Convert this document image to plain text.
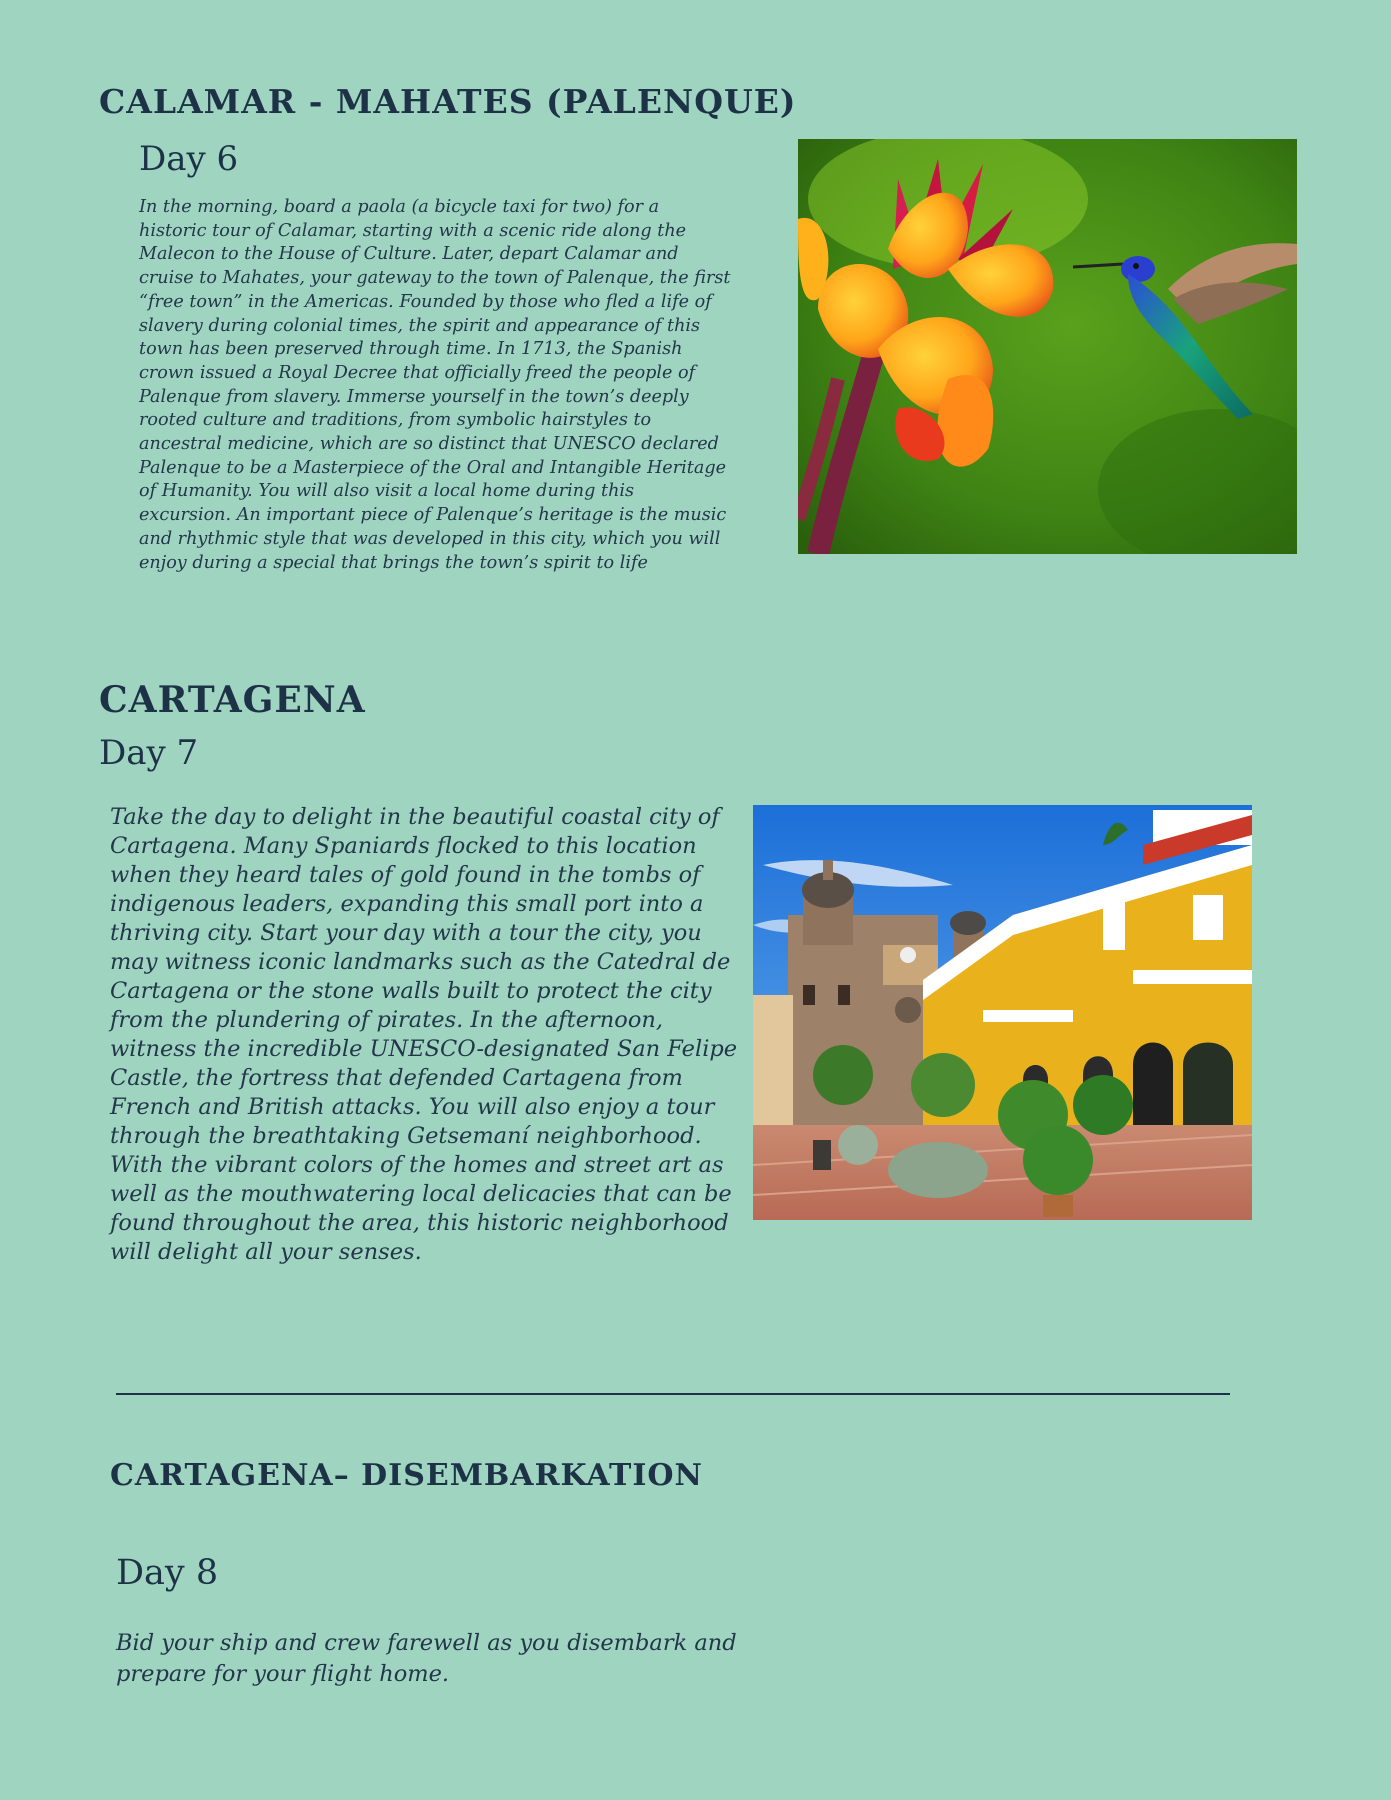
CALAMAR - MAHATES (PALENQUE)
Day 6

In the morning, board a paola (a bicycle taxi for two) for a historic tour of Calamar, starting with a scenic ride along the Malecon to the House of Culture. Later, depart Calamar and cruise to Mahates, your gateway to the town of Palenque, the first “free town” in the Americas. Founded by those who fled a life of slavery during colonial times, the spirit and appearance of this town has been preserved through time. In 1713, the Spanish crown issued a Royal Decree that officially freed the people of Palenque from slavery. Immerse yourself in the town’s deeply rooted culture and traditions, from symbolic hairstyles to ancestral medicine, which are so distinct that UNESCO declared Palenque to be a Masterpiece of the Oral and Intangible Heritage of Humanity. You will also visit a local home during this excursion. An important piece of Palenque’s heritage is the music and rhythmic style that was developed in this city, which you will enjoy during a special that brings the town’s spirit to life

CARTAGENA
Day 7

Take the day to delight in the beautiful coastal city of Cartagena. Many Spaniards flocked to this location when they heard tales of gold found in the tombs of indigenous leaders, expanding this small port into a thriving city. Start your day with a tour the city, you may witness iconic landmarks such as the Catedral de Cartagena or the stone walls built to protect the city from the plundering of pirates. In the afternoon, witness the incredible UNESCO-designated San Felipe Castle, the fortress that defended Cartagena from French and British attacks. You will also enjoy a tour through the breathtaking Getsemaní neighborhood. With the vibrant colors of the homes and street art as well as the mouthwatering local delicacies that can be found throughout the area, this historic neighborhood will delight all your senses.

CARTAGENA– DISEMBARKATION
Day 8

Bid your ship and crew farewell as you disembark and prepare for your flight home.
